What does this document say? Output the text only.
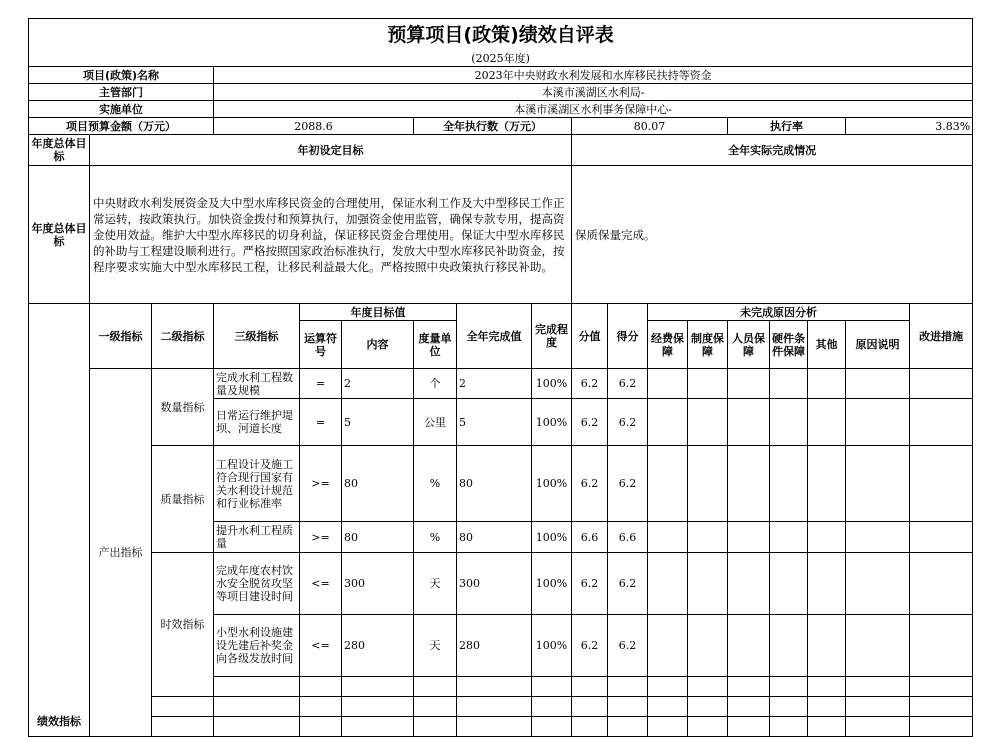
预算项目(政策)绩效自评表																		
(2025年度)																		
项目(政策)名称			2023年中央财政水利发展和水库移民扶持等资金															
主管部门			本溪市溪湖区水利局-															
实施单位			本溪市溪湖区水利事务保障中心-															
项目预算金额（万元）			2088.6			全年执行数（万元）			80.07				执行率			3.83%		
年度总体目标	年初设定目标								全年实际完成情况									
年度总体目标	中央财政水利发展资金及大中型水库移民资金的合理使用，保证水利工作及大中型移民工作正常运转，按政策执行。加快资金拨付和预算执行，加强资金使用监管，确保专款专用，提高资金使用效益。维护大中型水库移民的切身利益，保证移民资金合理使用。保证大中型水库移民的补助与工程建设顺利进行。严格按照国家政治标准执行，发放大中型水库移民补助资金，按程序要求实施大中型水库移民工程，让移民利益最大化。严格按照中央政策执行移民补助。								保质保量完成。									
绩效指标	一级指标	二级指标	三级指标	年度目标值			全年完成值	完成程度	分值	得分	未完成原因分析						改进措施	
				运算符号	内容	度量单位					经费保障	制度保障	人员保障	硬件条件保障	其他	原因说明		
	产出指标	数量指标	完成水利工程数量及规模	=	2	个	2	100%	6.2	6.2								
			日常运行维护堤坝、河道长度	=	5	公里	5	100%	6.2	6.2								
		质量指标	工程设计及施工符合现行国家有关水利设计规范和行业标准率	>=	80	%	80	100%	6.2	6.2								
			提升水利工程质量	>=	80	%	80	100%	6.6	6.6								
		时效指标	完成年度农村饮水安全脱贫攻坚等项目建设时间	<=	300	天	300	100%	6.2	6.2								
			小型水利设施建设先建后补奖金向各级发放时间	<=	280	天	280	100%	6.2	6.2								
